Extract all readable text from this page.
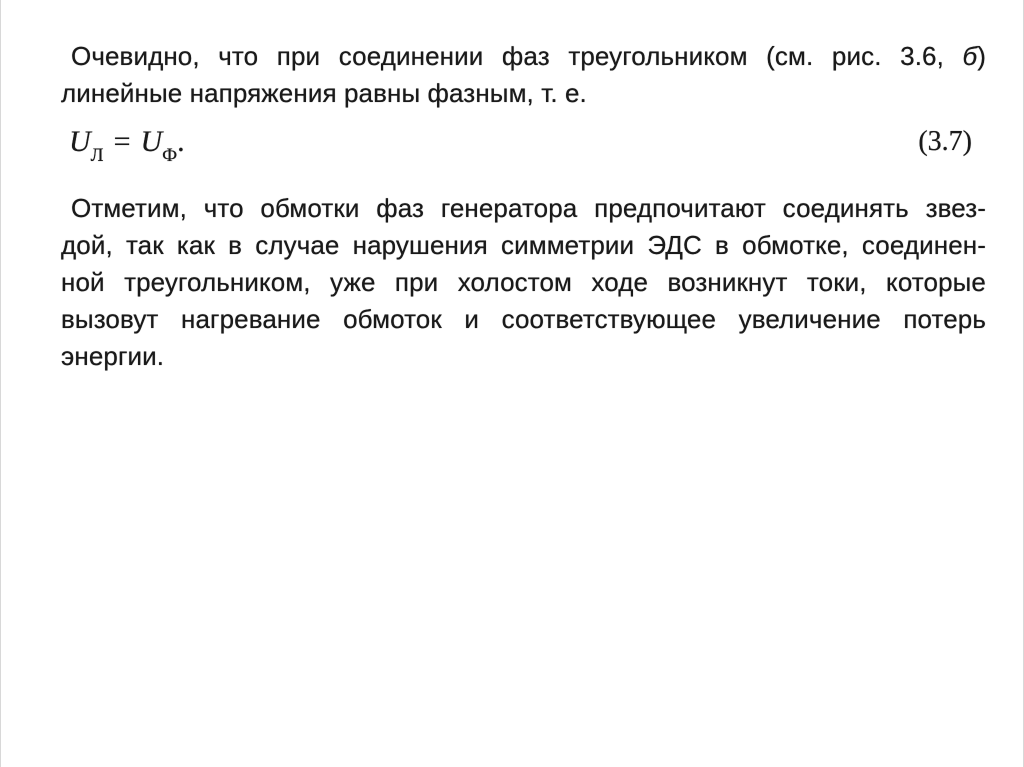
Очевидно, что при соединении фаз треугольником (см. рис. 3.6, б)
линейные напряжения равны фазным, т. е.
$U_Л = U_Ф$.	(3.7)
Отметим, что обмотки фаз генератора предпочитают соединять звез-
дой, так как в случае нарушения симметрии ЭДС в обмотке, соединен-
ной треугольником, уже при холостом ходе возникнут токи, которые
вызовут нагревание обмоток и соответствующее увеличение потерь
энергии.
